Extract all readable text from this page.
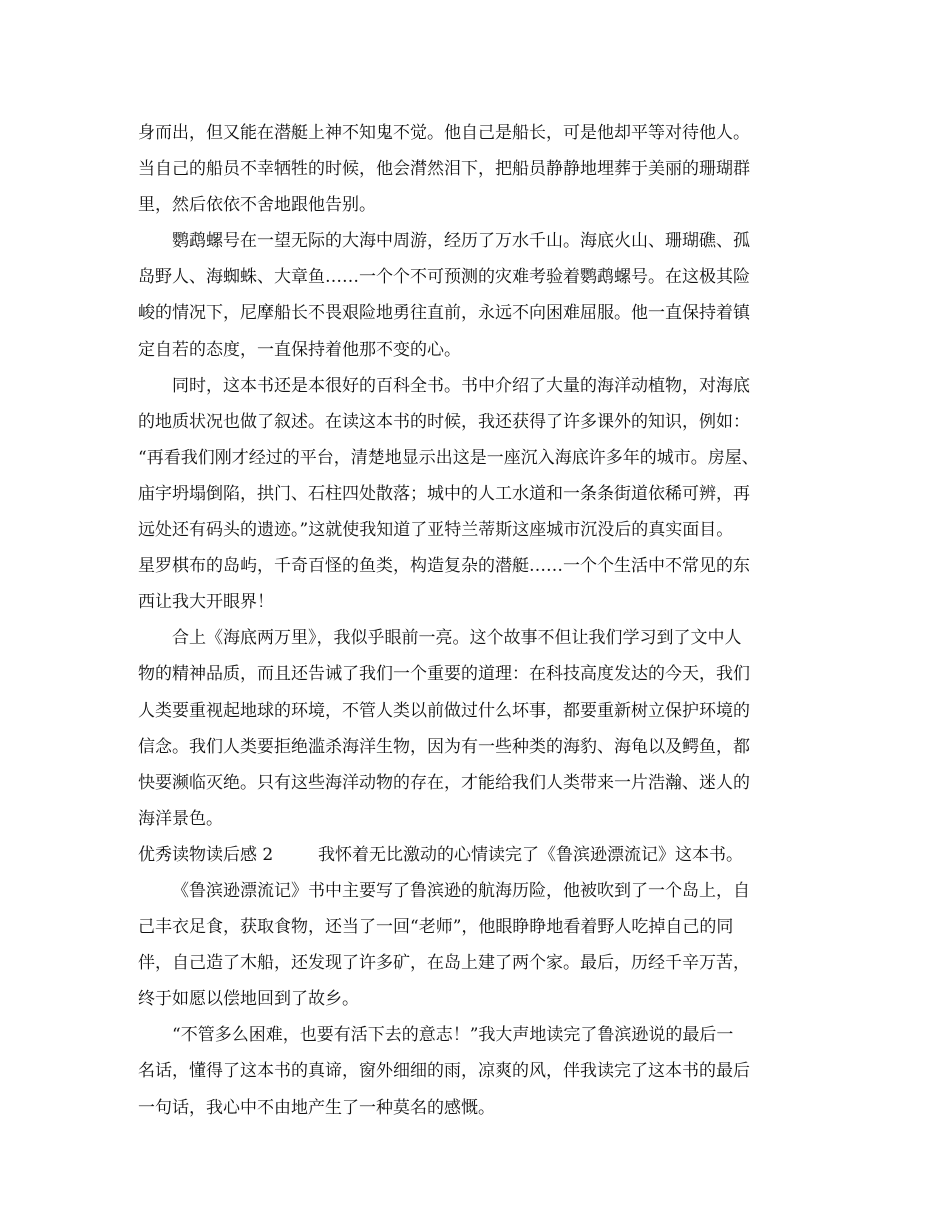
身而出，但又能在潜艇上神不知鬼不觉。他自己是船长，可是他却平等对待他人。
当自己的船员不幸牺牲的时候，他会潸然泪下，把船员静静地埋葬于美丽的珊瑚群
里，然后依依不舍地跟他告别。
鹦鹉螺号在一望无际的大海中周游，经历了万水千山。海底火山、珊瑚礁、孤
岛野人、海蜘蛛、大章鱼……一个个不可预测的灾难考验着鹦鹉螺号。在这极其险
峻的情况下，尼摩船长不畏艰险地勇往直前，永远不向困难屈服。他一直保持着镇
定自若的态度，一直保持着他那不变的心。
同时，这本书还是本很好的百科全书。书中介绍了大量的海洋动植物，对海底
的地质状况也做了叙述。在读这本书的时候，我还获得了许多课外的知识，例如：
“再看我们刚才经过的平台，清楚地显示出这是一座沉入海底许多年的城市。房屋、
庙宇坍塌倒陷，拱门、石柱四处散落；城中的人工水道和一条条街道依稀可辨，再
远处还有码头的遗迹。”这就使我知道了亚特兰蒂斯这座城市沉没后的真实面目。
星罗棋布的岛屿，千奇百怪的鱼类，构造复杂的潜艇……一个个生活中不常见的东
西让我大开眼界！
合上《海底两万里》，我似乎眼前一亮。这个故事不但让我们学习到了文中人
物的精神品质，而且还告诫了我们一个重要的道理：在科技高度发达的今天，我们
人类要重视起地球的环境，不管人类以前做过什么坏事，都要重新树立保护环境的
信念。我们人类要拒绝滥杀海洋生物，因为有一些种类的海豹、海龟以及鳄鱼，都
快要濒临灭绝。只有这些海洋动物的存在，才能给我们人类带来一片浩瀚、迷人的
海洋景色。
优秀读物读后感 2	我怀着无比激动的心情读完了《鲁滨逊漂流记》这本书。
《鲁滨逊漂流记》书中主要写了鲁滨逊的航海历险，他被吹到了一个岛上，自
己丰衣足食，获取食物，还当了一回“老师”，他眼睁睁地看着野人吃掉自己的同
伴，自己造了木船，还发现了许多矿，在岛上建了两个家。最后，历经千辛万苦，
终于如愿以偿地回到了故乡。
“不管多么困难，也要有活下去的意志！”我大声地读完了鲁滨逊说的最后一
名话，懂得了这本书的真谛，窗外细细的雨，凉爽的风，伴我读完了这本书的最后
一句话，我心中不由地产生了一种莫名的感慨。
